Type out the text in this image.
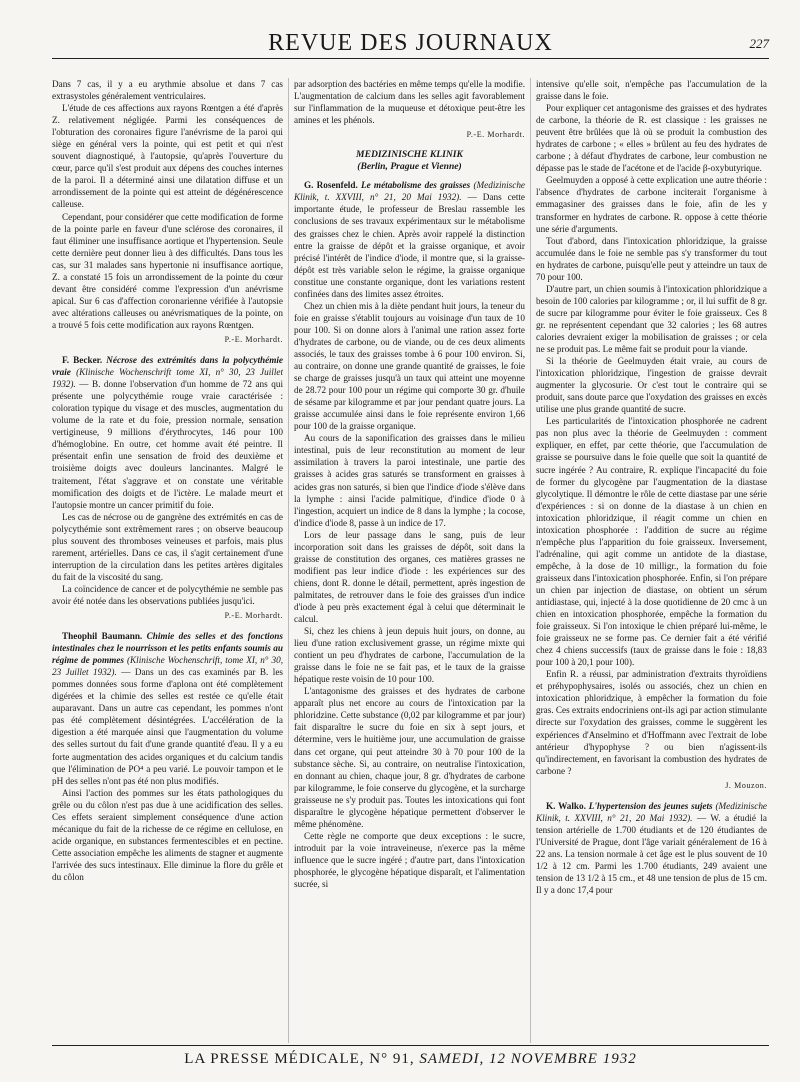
REVUE DES JOURNAUX	227

Dans 7 cas, il y a eu arythmie absolue et dans 7 cas extrasystoles généralement ventriculaires.

L'étude de ces affections aux rayons Rœntgen a été d'après Z. relativement négligée. Parmi les conséquences de l'obturation des coronaires figure l'anévrisme de la paroi qui siège en général vers la pointe, qui est petit et qui n'est souvent diagnostiqué, à l'autopsie, qu'après l'ouverture du cœur, parce qu'il s'est produit aux dépens des couches internes de la paroi. Il a déterminé ainsi une dilatation diffuse et un arrondissement de la pointe qui est atteint de dégénérescence calleuse.

Cependant, pour considérer que cette modification de forme de la pointe parle en faveur d'une sclérose des coronaires, il faut éliminer une insuffisance aortique et l'hypertension. Seule cette dernière peut donner lieu à des difficultés. Dans tous les cas, sur 31 malades sans hypertonie ni insuffisance aortique, Z. a constaté 15 fois un arrondissement de la pointe du cœur devant être considéré comme l'expression d'un anévrisme apical. Sur 6 cas d'affection coronarienne vérifiée à l'autopsie avec altérations calleuses ou anévrismatiques de la pointe, on a trouvé 5 fois cette modification aux rayons Rœntgen.

P.-E. Morhardt.

F. Becker. Nécrose des extrémités dans la polycythémie vraie (Klinische Wochenschrift tome XI, n° 30, 23 Juillet 1932). — B. donne l'observation d'un homme de 72 ans qui présente une polycythémie rouge vraie caractérisée : coloration typique du visage et des muscles, augmentation du volume de la rate et du foie, pression normale, sensation vertigineuse, 9 millions d'érythrocytes, 146 pour 100 d'hémoglobine. En outre, cet homme avait été peintre. Il présentait enfin une sensation de froid des deuxième et troisième doigts avec douleurs lancinantes. Malgré le traitement, l'état s'aggrave et on constate une véritable momification des doigts et de l'ictère. Le malade meurt et l'autopsie montre un cancer primitif du foie.

Les cas de nécrose ou de gangrène des extrémités en cas de polycythémie sont extrêmement rares ; on observe beaucoup plus souvent des thromboses veineuses et parfois, mais plus rarement, artérielles. Dans ce cas, il s'agit certainement d'une interruption de la circulation dans les petites artères digitales du fait de la viscosité du sang.

La coïncidence de cancer et de polycythémie ne semble pas avoir été notée dans les observations publiées jusqu'ici.

P.-E. Morhardt.

Theophil Baumann. Chimie des selles et des fonctions intestinales chez le nourrisson et les petits enfants soumis au régime de pommes (Klinische Wochenschrift, tome XI, n° 30, 23 Juillet 1932). — Dans un des cas examinés par B. les pommes données sous forme d'aplona ont été complètement digérées et la chimie des selles est restée ce qu'elle était auparavant. Dans un autre cas cependant, les pommes n'ont pas été complètement désintégrées. L'accélération de la digestion a été marquée ainsi que l'augmentation du volume des selles surtout du fait d'une grande quantité d'eau. Il y a eu forte augmentation des acides organiques et du calcium tandis que l'élimination de PO⁴ a peu varié. Le pouvoir tampon et le pH des selles n'ont pas été non plus modifiés.

Ainsi l'action des pommes sur les états pathologiques du grêle ou du côlon n'est pas due à une acidification des selles. Ces effets seraient simplement conséquence d'une action mécanique du fait de la richesse de ce régime en cellulose, en acide organique, en substances fermentescibles et en pectine. Cette association empêche les aliments de stagner et augmente l'arrivée des sucs intestinaux. Elle diminue la flore du grêle et du côlon

par adsorption des bactéries en même temps qu'elle la modifie. L'augmentation de calcium dans les selles agit favorablement sur l'inflammation de la muqueuse et détoxique peut-être les amines et les phénols.

P.-E. Morhardt.
MEDIZINISCHE KLINIK
(Berlin, Prague et Vienne)

G. Rosenfeld. Le métabolisme des graisses (Medizinische Klinik, t. XXVIII, n° 21, 20 Mai 1932). — Dans cette importante étude, le professeur de Breslau rassemble les conclusions de ses travaux expérimentaux sur le métabolisme des graisses chez le chien. Après avoir rappelé la distinction entre la graisse de dépôt et la graisse organique, et avoir précisé l'intérêt de l'indice d'iode, il montre que, si la graisse-dépôt est très variable selon le régime, la graisse organique constitue une constante organique, dont les variations restent confinées dans des limites assez étroites.

Chez un chien mis à la diète pendant huit jours, la teneur du foie en graisse s'établit toujours au voisinage d'un taux de 10 pour 100. Si on donne alors à l'animal une ration assez forte d'hydrates de carbone, ou de viande, ou de ces deux aliments associés, le taux des graisses tombe à 6 pour 100 environ. Si, au contraire, on donne une grande quantité de graisses, le foie se charge de graisses jusqu'à un taux qui atteint une moyenne de 28.72 pour 100 pour un régime qui comporte 30 gr. d'huile de sésame par kilogramme et par jour pendant quatre jours. La graisse accumulée ainsi dans le foie représente environ 1,66 pour 100 de la graisse organique.

Au cours de la saponification des graisses dans le milieu intestinal, puis de leur reconstitution au moment de leur assimilation à travers la paroi intestinale, une partie des graisses à acides gras saturés se transforment en graisses à acides gras non saturés, si bien que l'indice d'iode s'élève dans la lymphe : ainsi l'acide palmitique, d'indice d'iode 0 à l'ingestion, acquiert un indice de 8 dans la lymphe ; la cocose, d'indice d'iode 8, passe à un indice de 17.

Lors de leur passage dans le sang, puis de leur incorporation soit dans les graisses de dépôt, soit dans la graisse de constitution des organes, ces matières grasses ne modifient pas leur indice d'iode : les expériences sur des chiens, dont R. donne le détail, permettent, après ingestion de palmitates, de retrouver dans le foie des graisses d'un indice d'iode à peu près exactement égal à celui que déterminait le calcul.

Si, chez les chiens à jeun depuis huit jours, on donne, au lieu d'une ration exclusivement grasse, un régime mixte qui contient un peu d'hydrates de carbone, l'accumulation de la graisse dans le foie ne se fait pas, et le taux de la graisse hépatique reste voisin de 10 pour 100.

L'antagonisme des graisses et des hydrates de carbone apparaît plus net encore au cours de l'intoxication par la phloridzine. Cette substance (0,02 par kilogramme et par jour) fait disparaître le sucre du foie en six à sept jours, et détermine, vers le huitième jour, une accumulation de graisse dans cet organe, qui peut atteindre 30 à 70 pour 100 de la substance sèche. Si, au contraire, on neutralise l'intoxication, en donnant au chien, chaque jour, 8 gr. d'hydrates de carbone par kilogramme, le foie conserve du glycogène, et la surcharge graisseuse ne s'y produit pas. Toutes les intoxications qui font disparaître le glycogène hépatique permettent d'observer le même phénomène.

Cette règle ne comporte que deux exceptions : le sucre, introduit par la voie intraveineuse, n'exerce pas la même influence que le sucre ingéré ; d'autre part, dans l'intoxication phosphorée, le glycogène hépatique disparaît, et l'alimentation sucrée, si

intensive qu'elle soit, n'empêche pas l'accumulation de la graisse dans le foie.

Pour expliquer cet antagonisme des graisses et des hydrates de carbone, la théorie de R. est classique : les graisses ne peuvent être brûlées que là où se produit la combustion des hydrates de carbone ; « elles » brûlent au feu des hydrates de carbone ; à défaut d'hydrates de carbone, leur combustion ne dépasse pas le stade de l'acétone et de l'acide β-oxybutyrique.

Geelmuyden a opposé à cette explication une autre théorie : l'absence d'hydrates de carbone inciterait l'organisme à emmagasiner des graisses dans le foie, afin de les y transformer en hydrates de carbone. R. oppose à cette théorie une série d'arguments.

Tout d'abord, dans l'intoxication phloridzique, la graisse accumulée dans le foie ne semble pas s'y transformer du tout en hydrates de carbone, puisqu'elle peut y atteindre un taux de 70 pour 100.

D'autre part, un chien soumis à l'intoxication phloridzique a besoin de 100 calories par kilogramme ; or, il lui suffit de 8 gr. de sucre par kilogramme pour éviter le foie graisseux. Ces 8 gr. ne représentent cependant que 32 calories ; les 68 autres calories devraient exiger la mobilisation de graisses ; or cela ne se produit pas. Le même fait se produit pour la viande.

Si la théorie de Geelmuyden était vraie, au cours de l'intoxication phloridzique, l'ingestion de graisse devrait augmenter la glycosurie. Or c'est tout le contraire qui se produit, sans doute parce que l'oxydation des graisses en excès utilise une plus grande quantité de sucre.

Les particularités de l'intoxication phosphorée ne cadrent pas non plus avec la théorie de Geelmuyden : comment expliquer, en effet, par cette théorie, que l'accumulation de graisse se poursuive dans le foie quelle que soit la quantité de sucre ingérée ? Au contraire, R. explique l'incapacité du foie de former du glycogène par l'augmentation de la diastase glycolytique. Il démontre le rôle de cette diastase par une série d'expériences : si on donne de la diastase à un chien en intoxication phloridzique, il réagit comme un chien en intoxication phosphorée : l'addition de sucre au régime n'empêche plus l'apparition du foie graisseux. Inversement, l'adrénaline, qui agit comme un antidote de la diastase, empêche, à la dose de 10 milligr., la formation du foie graisseux dans l'intoxication phosphorée. Enfin, si l'on prépare un chien par injection de diastase, on obtient un sérum antidiastase, qui, injecté à la dose quotidienne de 20 cmc à un chien en intoxication phosphorée, empêche la formation du foie graisseux. Si l'on intoxique le chien préparé lui-même, le foie graisseux ne se forme pas. Ce dernier fait a été vérifié chez 4 chiens successifs (taux de graisse dans le foie : 18,83 pour 100 à 20,1 pour 100).

Enfin R. a réussi, par administration d'extraits thyroïdiens et préhypophysaires, isolés ou associés, chez un chien en intoxication phloridzique, à empêcher la formation du foie gras. Ces extraits endocriniens ont-ils agi par action stimulante directe sur l'oxydation des graisses, comme le suggèrent les expériences d'Anselmino et d'Hoffmann avec l'extrait de lobe antérieur d'hypophyse ? ou bien n'agissent-ils qu'indirectement, en favorisant la combustion des hydrates de carbone ?

J. Mouzon.

K. Walko. L'hypertension des jeunes sujets (Medizinische Klinik, t. XXVIII, n° 21, 20 Mai 1932). — W. a étudié la tension artérielle de 1.700 étudiants et de 120 étudiantes de l'Université de Prague, dont l'âge variait généralement de 16 à 22 ans. La tension normale à cet âge est le plus souvent de 10 1/2 à 12 cm. Parmi les 1.700 étudiants, 249 avaient une tension de 13 1/2 à 15 cm., et 48 une tension de plus de 15 cm. Il y a donc 17,4 pour

LA PRESSE MÉDICALE, N° 91, SAMEDI, 12 NOVEMBRE 1932
